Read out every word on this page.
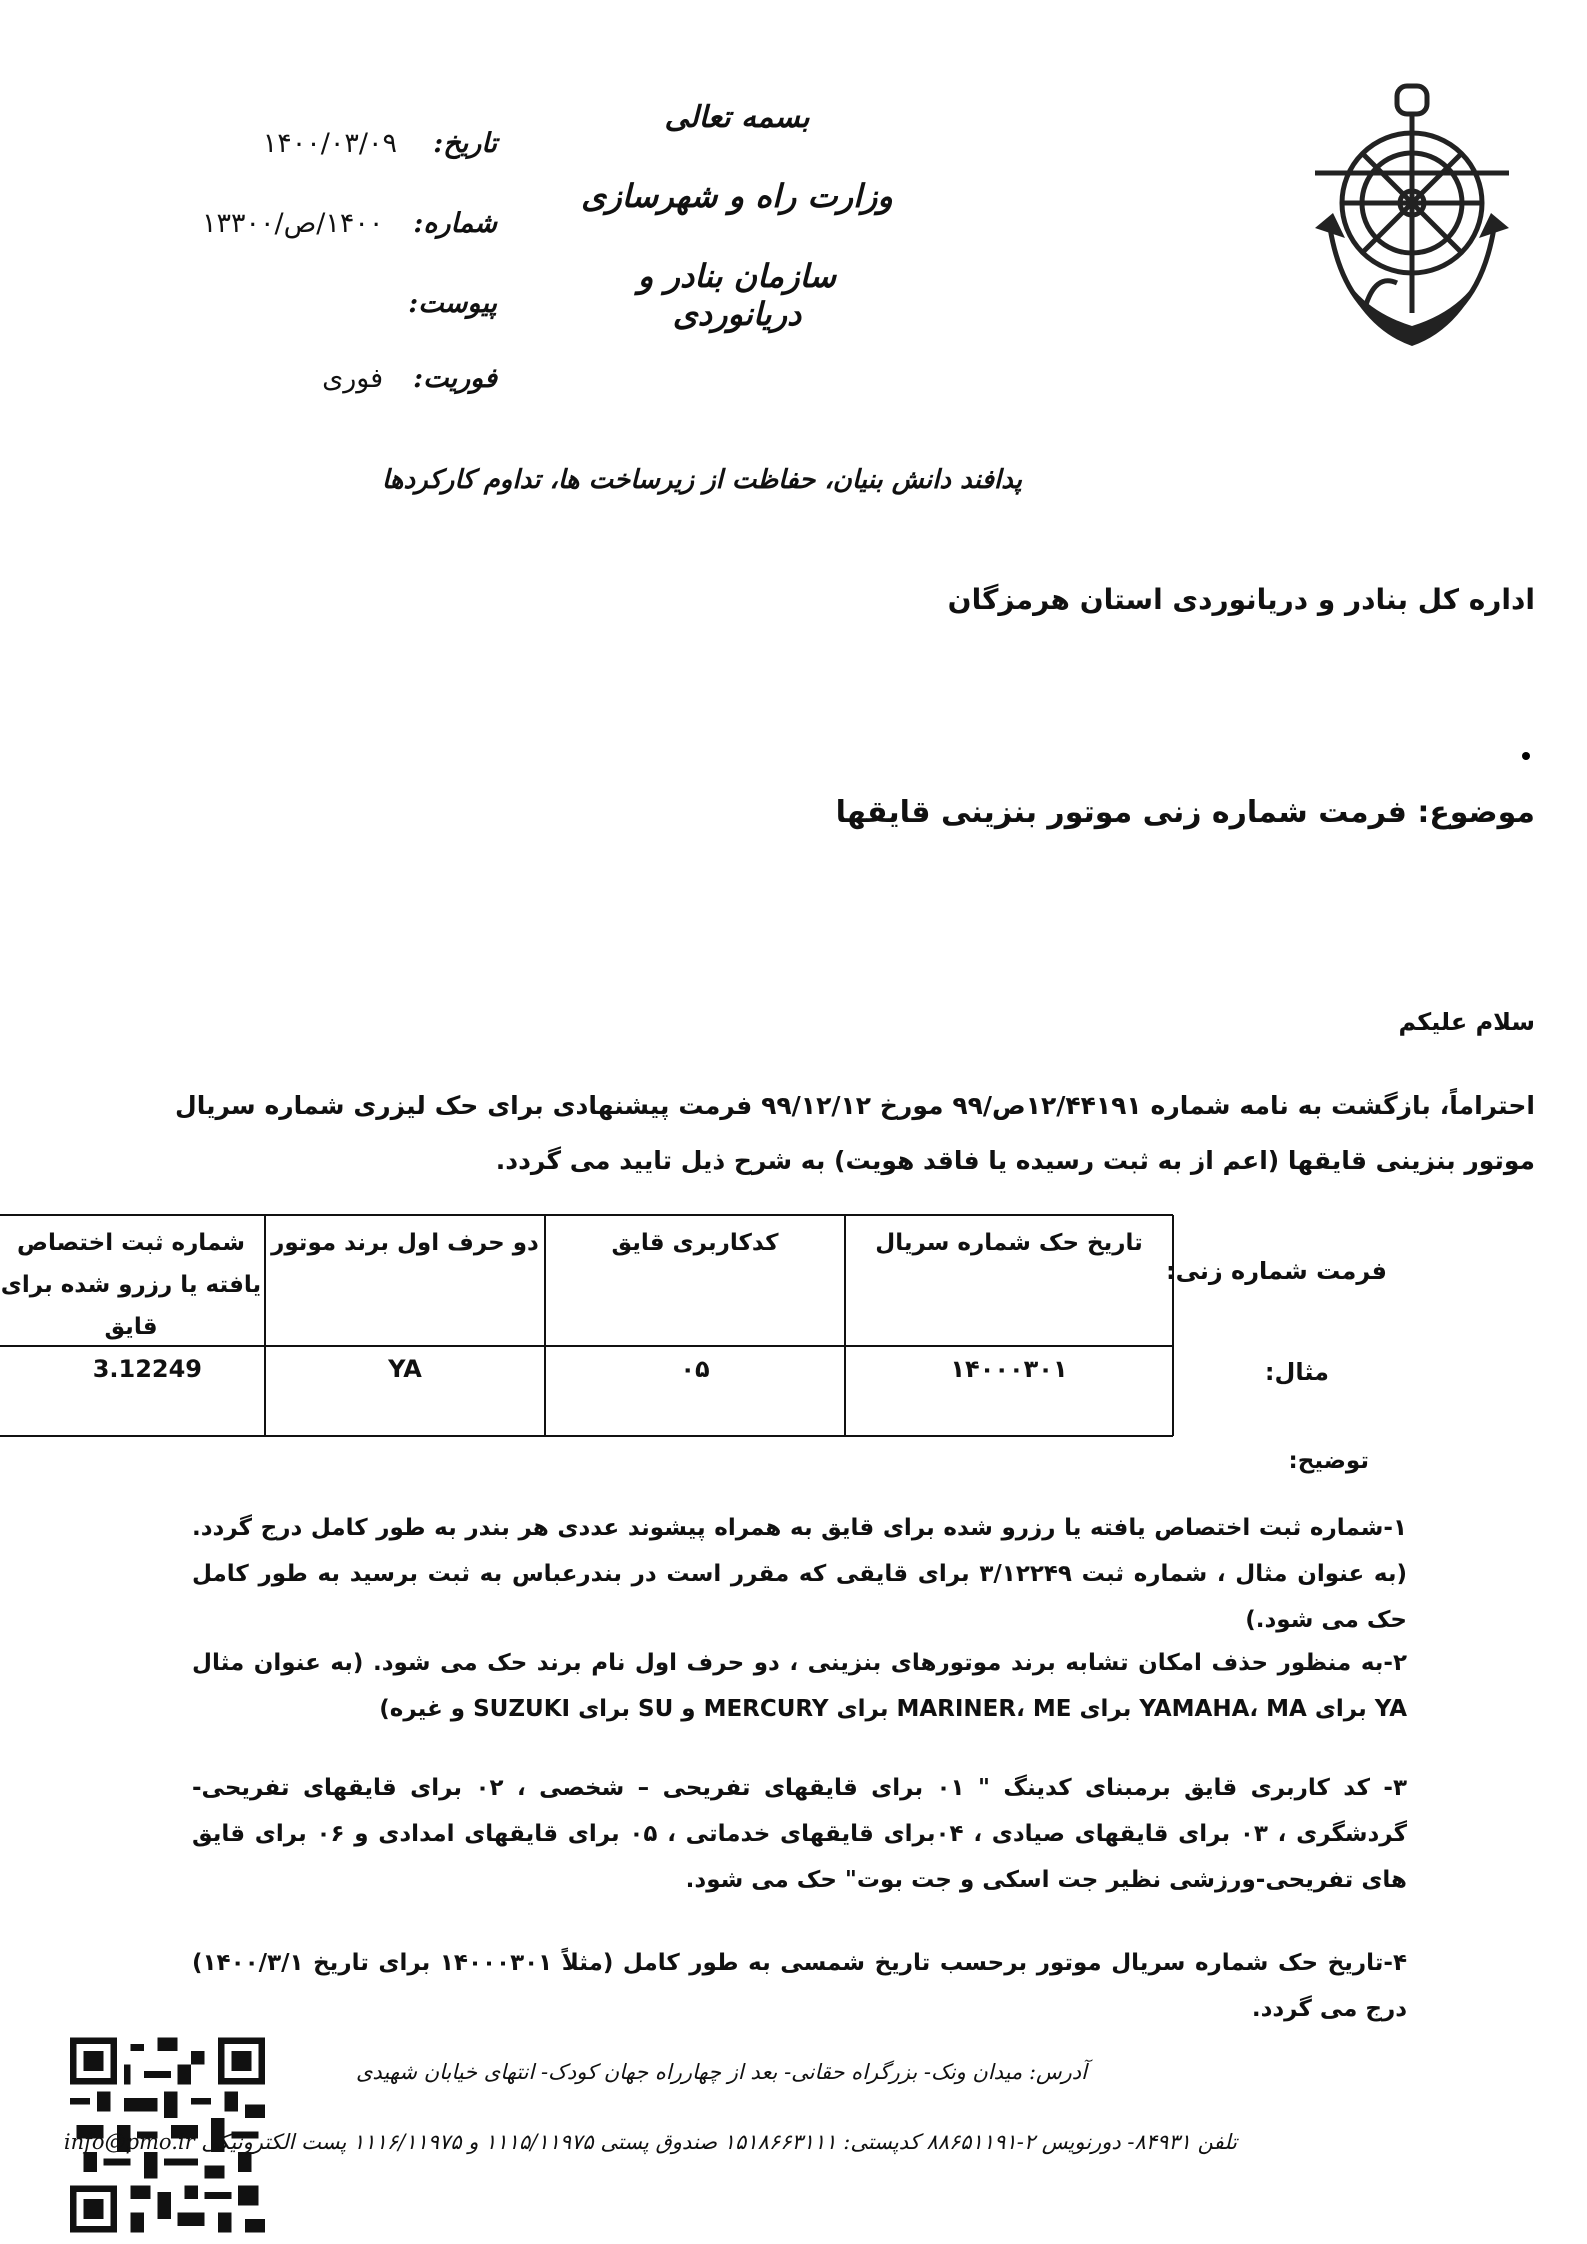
بسمه تعالی
وزارت راه و شهرسازی
سازمان بنادر و دریانوردی
تاریخ:
۱۴۰۰/۰۳/۰۹
شماره:
۱۴۰۰/ص/۱۳۳۰۰
پیوست:
فوریت:
فوری
پدافند دانش بنیان، حفاظت از زیرساخت ها، تداوم کارکردها
اداره کل بنادر و دریانوردی استان هرمزگان
موضوع: فرمت شماره زنی موتور بنزینی قایقها
سلام علیکم
احتراماً، بازگشت به نامه شماره ۱۲/۴۴۱۹۱ص/۹۹ مورخ ۹۹/۱۲/۱۲ فرمت پیشنهادی برای حک لیزری شماره سریال موتور بنزینی قایقها (اعم از به ثبت رسیده یا فاقد هویت) به شرح ذیل تایید می گردد.
فرمت شماره زنی:
مثال:
تاریخ حک شماره سریال
کدکاربری قایق
دو حرف اول برند موتور
شماره ثبت اختصاص یافته یا رزرو شده برای قایق
۱۴۰۰۰۳۰۱
۰۵
YA
3.12249
توضیح:
۱-شماره ثبت اختصاص یافته یا رزرو شده برای قایق به همراه پیشوند عددی هر بندر به طور کامل درج گردد. (به عنوان مثال ، شماره ثبت ۳/۱۲۲۴۹ برای قایقی که مقرر است در بندرعباس به ثبت برسید به طور کامل حک می شود.)
۲-به منظور حذف امکان تشابه برند موتورهای بنزینی ، دو حرف اول نام برند حک می شود. (به عنوان مثال YA برای YAMAHA، MA برای MARINER، ME برای MERCURY و SU برای SUZUKI و غیره)
۳- کد کاربری قایق برمبنای کدینگ " ۰۱ برای قایقهای تفریحی – شخصی ، ۰۲ برای قایقهای تفریحی- گردشگری ، ۰۳ برای قایقهای صیادی ، ۰۴برای قایقهای خدماتی ، ۰۵ برای قایقهای امدادی و ۰۶ برای قایق های تفریحی-ورزشی نظیر جت اسکی و جت بوت" حک می شود.
۴-تاریخ حک شماره سریال موتور برحسب تاریخ شمسی به طور کامل (مثلاً ۱۴۰۰۰۳۰۱ برای تاریخ ۱۴۰۰/۳/۱) درج می گردد.
آدرس: میدان ونک- بزرگراه حقانی- بعد از چهارراه جهان کودک- انتهای خیابان شهیدی
تلفن ۸۴۹۳۱- دورنویس ۲-۸۸۶۵۱۱۹۱ کدپستی: ۱۵۱۸۶۶۳۱۱۱ صندوق پستی ۱۱۱۵/۱۱۹۷۵ و ۱۱۱۶/۱۱۹۷۵ پست الکترونیکی info@pmo.ir
